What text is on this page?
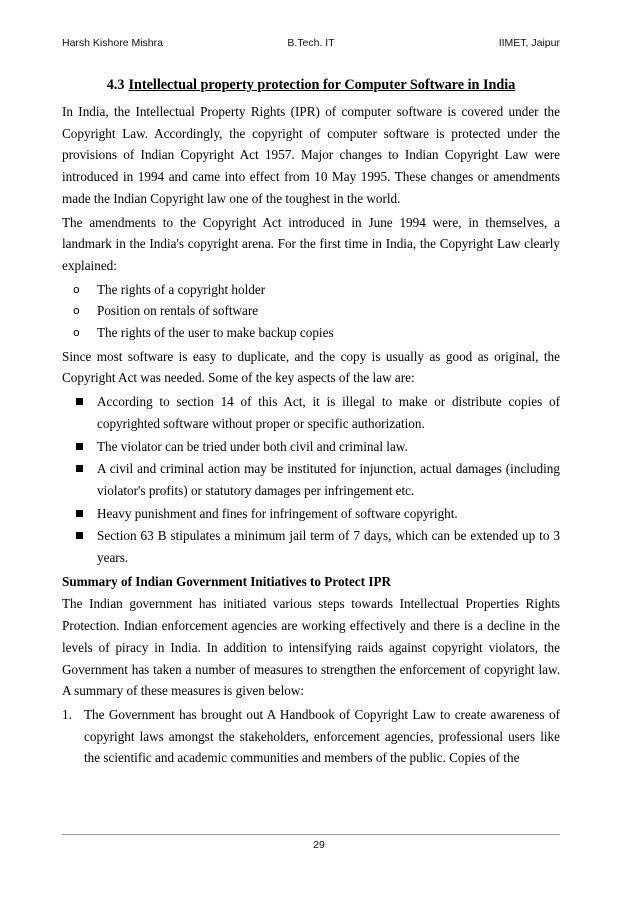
Harsh Kishore Mishra	B.Tech. IT	IIMET, Jaipur
4.3 Intellectual property protection for Computer Software in India

In India, the Intellectual Property Rights (IPR) of computer software is covered under the Copyright Law. Accordingly, the copyright of computer software is protected under the provisions of Indian Copyright Act 1957. Major changes to Indian Copyright Law were introduced in 1994 and came into effect from 10 May 1995. These changes or amendments made the Indian Copyright law one of the toughest in the world.

The amendments to the Copyright Act introduced in June 1994 were, in themselves, a landmark in the India's copyright arena. For the first time in India, the Copyright Law clearly explained:

o The rights of a copyright holder
o Position on rentals of software
o The rights of the user to make backup copies

Since most software is easy to duplicate, and the copy is usually as good as original, the Copyright Act was needed. Some of the key aspects of the law are:

According to section 14 of this Act, it is illegal to make or distribute copies of copyrighted software without proper or specific authorization.
The violator can be tried under both civil and criminal law.
A civil and criminal action may be instituted for injunction, actual damages (including violator's profits) or statutory damages per infringement etc.
Heavy punishment and fines for infringement of software copyright.
Section 63 B stipulates a minimum jail term of 7 days, which can be extended up to 3 years.
Summary of Indian Government Initiatives to Protect IPR

The Indian government has initiated various steps towards Intellectual Properties Rights Protection. Indian enforcement agencies are working effectively and there is a decline in the levels of piracy in India. In addition to intensifying raids against copyright violators, the Government has taken a number of measures to strengthen the enforcement of copyright law. A summary of these measures is given below:

1. The Government has brought out A Handbook of Copyright Law to create awareness of copyright laws amongst the stakeholders, enforcement agencies, professional users like the scientific and academic communities and members of the public. Copies of the
29
